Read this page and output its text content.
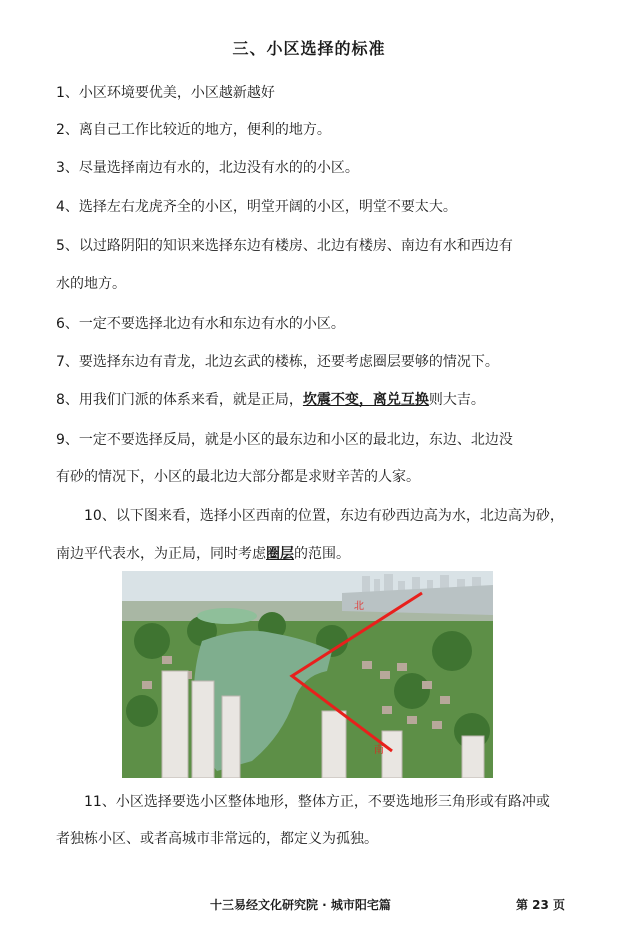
三、小区选择的标准
1、小区环境要优美，小区越新越好
2、离自己工作比较近的地方，便利的地方。
3、尽量选择南边有水的，北边没有水的的小区。
4、选择左右龙虎齐全的小区，明堂开阔的小区，明堂不要太大。
5、以过路阴阳的知识来选择东边有楼房、北边有楼房、南边有水和西边有
水的地方。
6、一定不要选择北边有水和东边有水的小区。
7、要选择东边有青龙，北边玄武的楼栋，还要考虑圈层要够的情况下。
8、用我们门派的体系来看，就是正局，坎震不变，离兑互换则大吉。
9、一定不要选择反局，就是小区的最东边和小区的最北边，东边、北边没
有砂的情况下，小区的最北边大部分都是求财辛苦的人家。
10、以下图来看，选择小区西南的位置，东边有砂西边高为水，北边高为砂，
南边平代表水，为正局，同时考虑圈层的范围。
北
南
11、小区选择要选小区整体地形，整体方正，不要选地形三角形或有路冲或
者独栋小区、或者高城市非常远的，都定义为孤独。
十三易经文化研究院 · 城市阳宅篇	第 23 页
